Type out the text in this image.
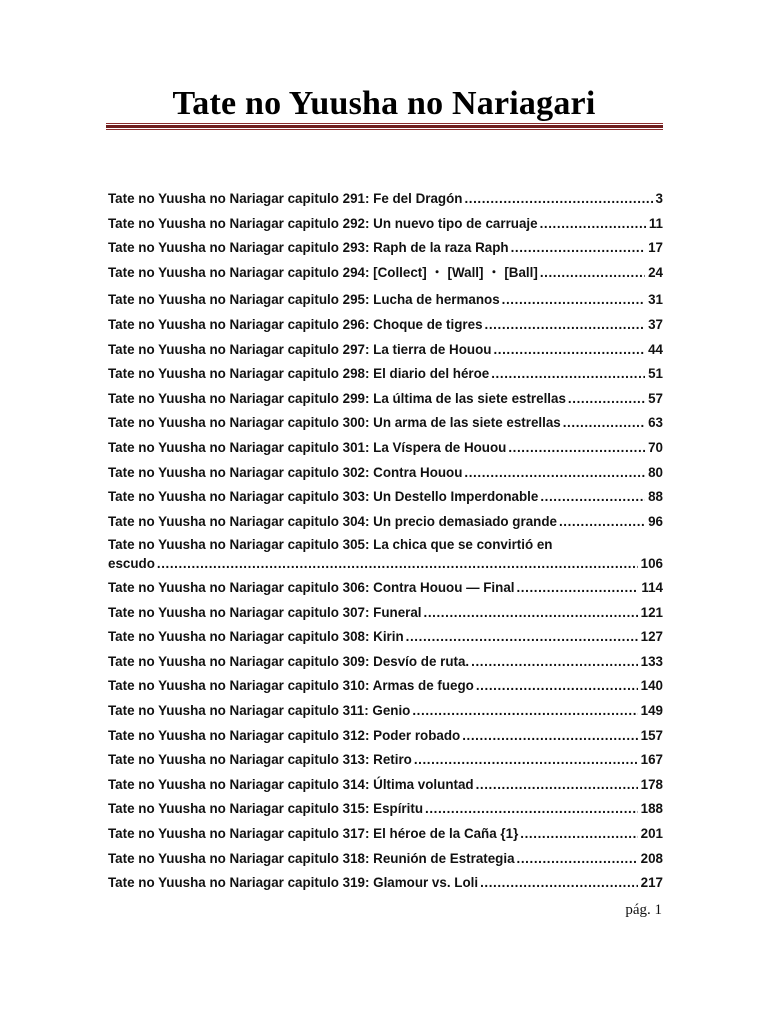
Tate no Yuusha no Nariagari
Tate no Yuusha no Nariagar capitulo 291: Fe del Dragón .....	3
Tate no Yuusha no Nariagar capitulo 292: Un nuevo tipo de carruaje .....	11
Tate no Yuusha no Nariagar capitulo 293: Raph de la raza Raph .....	17
Tate no Yuusha no Nariagar capitulo 294: [Collect] ・ [Wall] ・ [Ball] .....	24
Tate no Yuusha no Nariagar capitulo 295: Lucha de hermanos .....	31
Tate no Yuusha no Nariagar capitulo 296: Choque de tigres .....	37
Tate no Yuusha no Nariagar capitulo 297: La tierra de Houou .....	44
Tate no Yuusha no Nariagar capitulo 298: El diario del héroe .....	51
Tate no Yuusha no Nariagar capitulo 299: La última de las siete estrellas .....	57
Tate no Yuusha no Nariagar capitulo 300: Un arma de las siete estrellas .....	63
Tate no Yuusha no Nariagar capitulo 301: La Víspera de Houou .....	70
Tate no Yuusha no Nariagar capitulo 302: Contra Houou .....	80
Tate no Yuusha no Nariagar capitulo 303: Un Destello Imperdonable .....	88
Tate no Yuusha no Nariagar capitulo 304: Un precio demasiado grande .....	96
Tate no Yuusha no Nariagar capitulo 305: La chica que se convirtió en
escudo .....	106
Tate no Yuusha no Nariagar capitulo 306: Contra Houou — Final .....	114
Tate no Yuusha no Nariagar capitulo 307: Funeral .....	121
Tate no Yuusha no Nariagar capitulo 308: Kirin .....	127
Tate no Yuusha no Nariagar capitulo 309: Desvío de ruta. .....	133
Tate no Yuusha no Nariagar capitulo 310: Armas de fuego .....	140
Tate no Yuusha no Nariagar capitulo 311: Genio .....	149
Tate no Yuusha no Nariagar capitulo 312: Poder robado .....	157
Tate no Yuusha no Nariagar capitulo 313: Retiro .....	167
Tate no Yuusha no Nariagar capitulo 314: Última voluntad .....	178
Tate no Yuusha no Nariagar capitulo 315: Espíritu .....	188
Tate no Yuusha no Nariagar capitulo 317: El héroe de la Caña {1} .....	201
Tate no Yuusha no Nariagar capitulo 318: Reunión de Estrategia .....	208
Tate no Yuusha no Nariagar capitulo 319: Glamour vs. Loli .....	217
pág. 1
